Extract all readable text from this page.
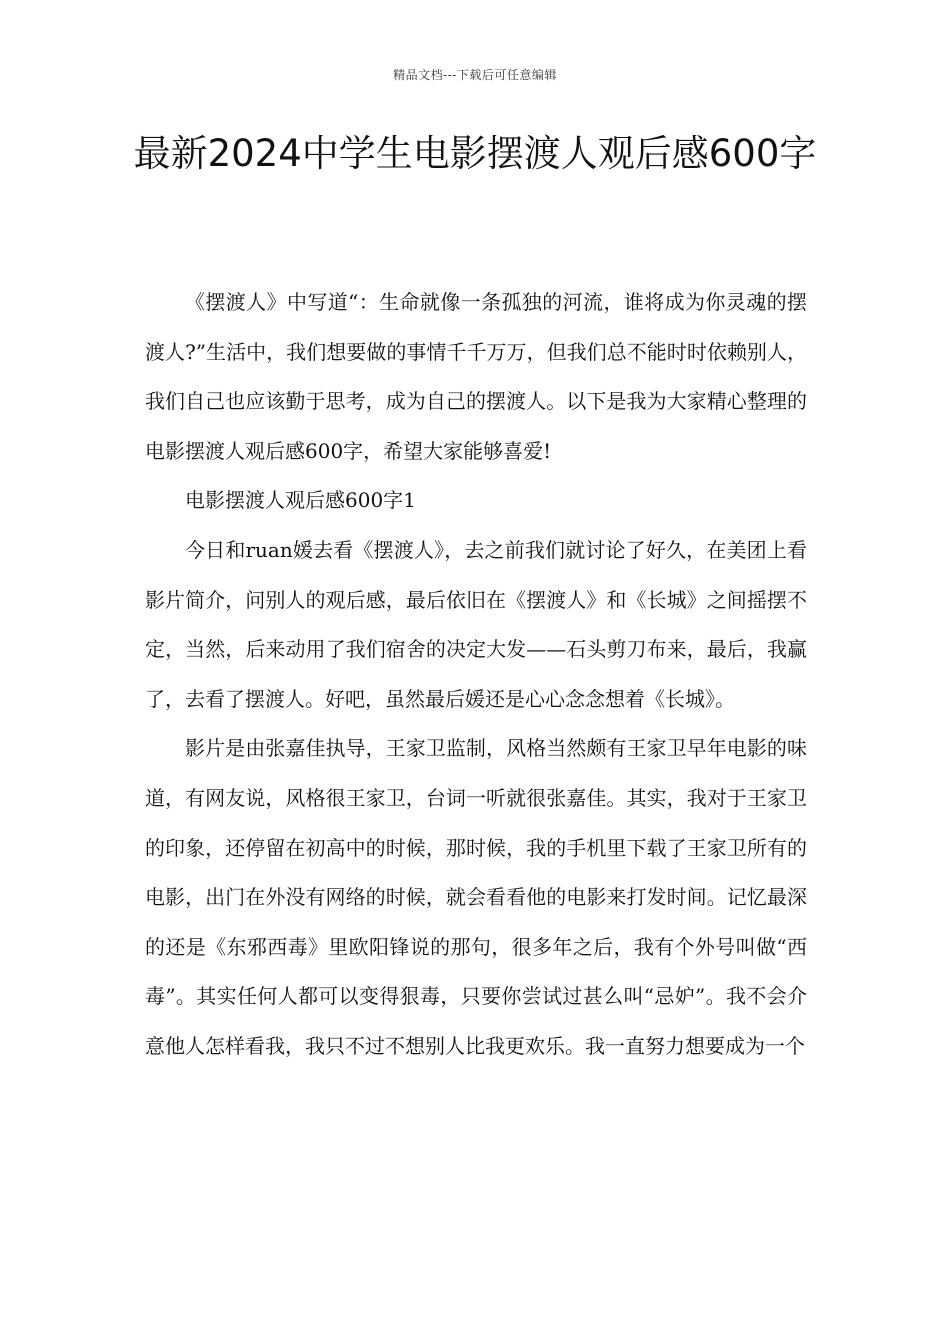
精品文档---下载后可任意编辑
最新2024中学生电影摆渡人观后感600字

《摆渡人》中写道“：生命就像一条孤独的河流，谁将成为你灵魂的摆渡人?”生活中，我们想要做的事情千千万万，但我们总不能时时依赖别人，我们自己也应该勤于思考，成为自己的摆渡人。以下是我为大家精心整理的电影摆渡人观后感600字，希望大家能够喜爱!

电影摆渡人观后感600字1

今日和ruan媛去看《摆渡人》，去之前我们就讨论了好久，在美团上看影片简介，问别人的观后感，最后依旧在《摆渡人》和《长城》之间摇摆不定，当然，后来动用了我们宿舍的决定大发——石头剪刀布来，最后，我赢了，去看了摆渡人。好吧，虽然最后媛还是心心念念想着《长城》。

影片是由张嘉佳执导，王家卫监制，风格当然颇有王家卫早年电影的味道，有网友说，风格很王家卫，台词一听就很张嘉佳。其实，我对于王家卫的印象，还停留在初高中的时候，那时候，我的手机里下载了王家卫所有的电影，出门在外没有网络的时候，就会看看他的电影来打发时间。记忆最深的还是《东邪西毒》里欧阳锋说的那句，很多年之后，我有个外号叫做“西毒”。其实任何人都可以变得狠毒，只要你尝试过甚么叫“忌妒”。我不会介意他人怎样看我，我只不过不想别人比我更欢乐。我一直努力想要成为一个
